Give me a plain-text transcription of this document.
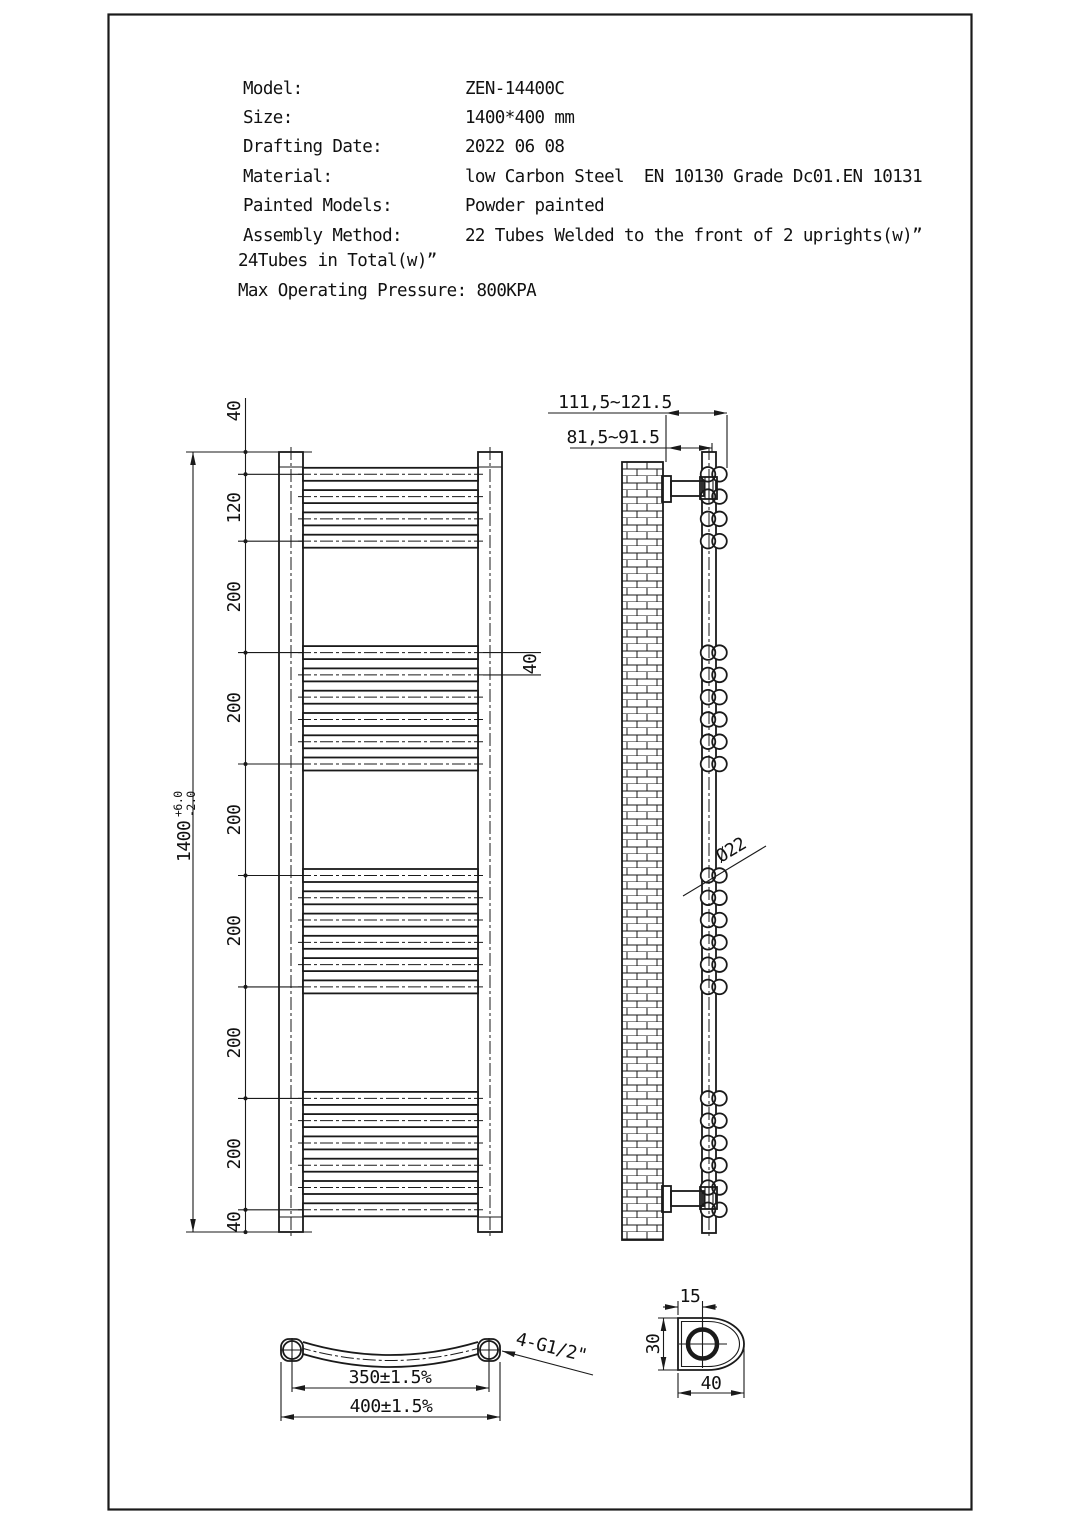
Model:	ZEN-14400C
Size:	1400*400 mm
Drafting Date:	2022 06 08
Material:	low Carbon Steel  EN 10130 Grade Dc01.EN 10131
Painted Models:	Powder painted
Assembly Method:	22 Tubes Welded to the front of 2 uprights(w)”
24Tubes in Total(w)”
Max Operating Pressure: 800KPA
1400
+6.0 -2.0
40
120
200
200
200
200
200
200
40
40
111,5~121.5
81,5~91.5
Ø22
350±1.5%
400±1.5%
4-G1/2"
15
30
40
